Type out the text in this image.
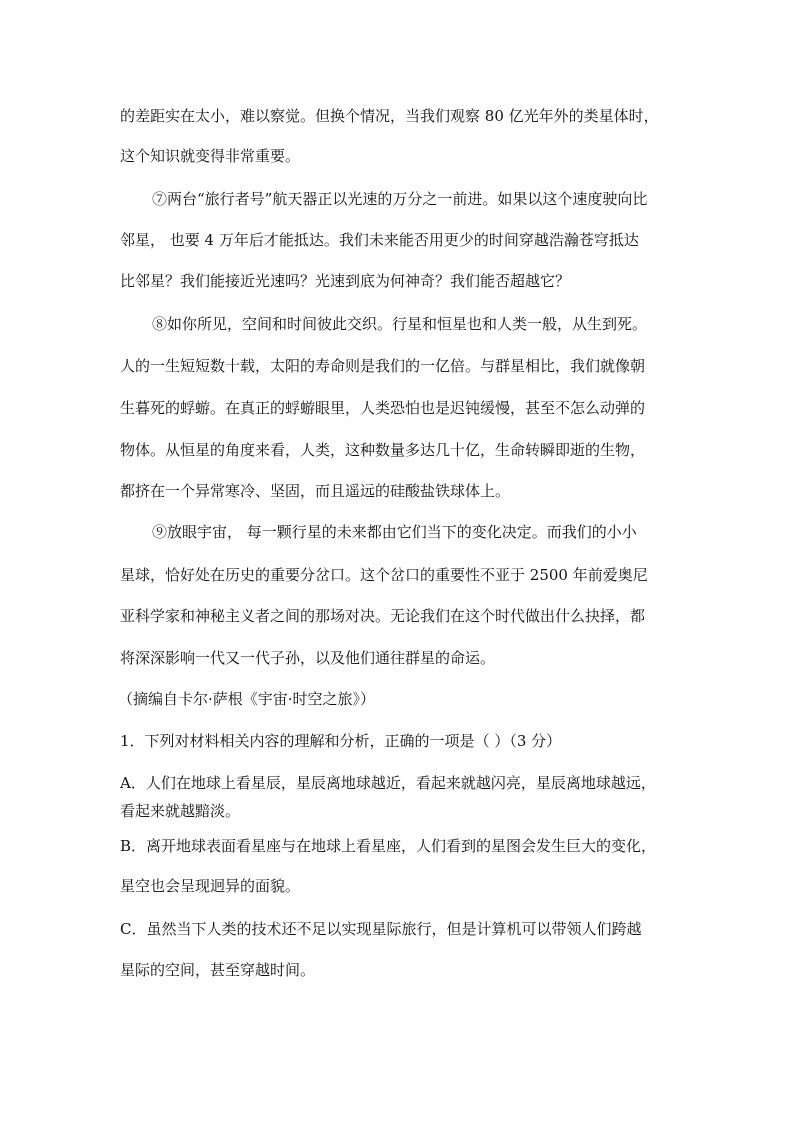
的差距实在太小，难以察觉。但换个情况，当我们观察 80 亿光年外的类星体时，
这个知识就变得非常重要。
⑦两台“旅行者号”航天器正以光速的万分之一前进。如果以这个速度驶向比
邻星， 也要 4 万年后才能抵达。我们未来能否用更少的时间穿越浩瀚苍穹抵达
比邻星？我们能接近光速吗？光速到底为何神奇？我们能否超越它？
⑧如你所见，空间和时间彼此交织。行星和恒星也和人类一般，从生到死。
人的一生短短数十载，太阳的寿命则是我们的一亿倍。与群星相比，我们就像朝
生暮死的蜉蝣。在真正的蜉蝣眼里，人类恐怕也是迟钝缓慢，甚至不怎么动弹的
物体。从恒星的角度来看，人类，这种数量多达几十亿，生命转瞬即逝的生物，
都挤在一个异常寒冷、坚固，而且遥远的硅酸盐铁球体上。
⑨放眼宇宙， 每一颗行星的未来都由它们当下的变化决定。而我们的小小
星球，恰好处在历史的重要分岔口。这个岔口的重要性不亚于 2500 年前爱奥尼
亚科学家和神秘主义者之间的那场对决。无论我们在这个时代做出什么抉择，都
将深深影响一代又一代子孙，以及他们通往群星的命运。
（摘编自卡尔·萨根《宇宙·时空之旅》）
1．下列对材料相关内容的理解和分析，正确的一项是（ ）（3 分）
A．人们在地球上看星辰，星辰离地球越近，看起来就越闪亮，星辰离地球越远，
看起来就越黯淡。
B．离开地球表面看星座与在地球上看星座，人们看到的星图会发生巨大的变化，
星空也会呈现迥异的面貌。
C．虽然当下人类的技术还不足以实现星际旅行，但是计算机可以带领人们跨越
星际的空间，甚至穿越时间。
